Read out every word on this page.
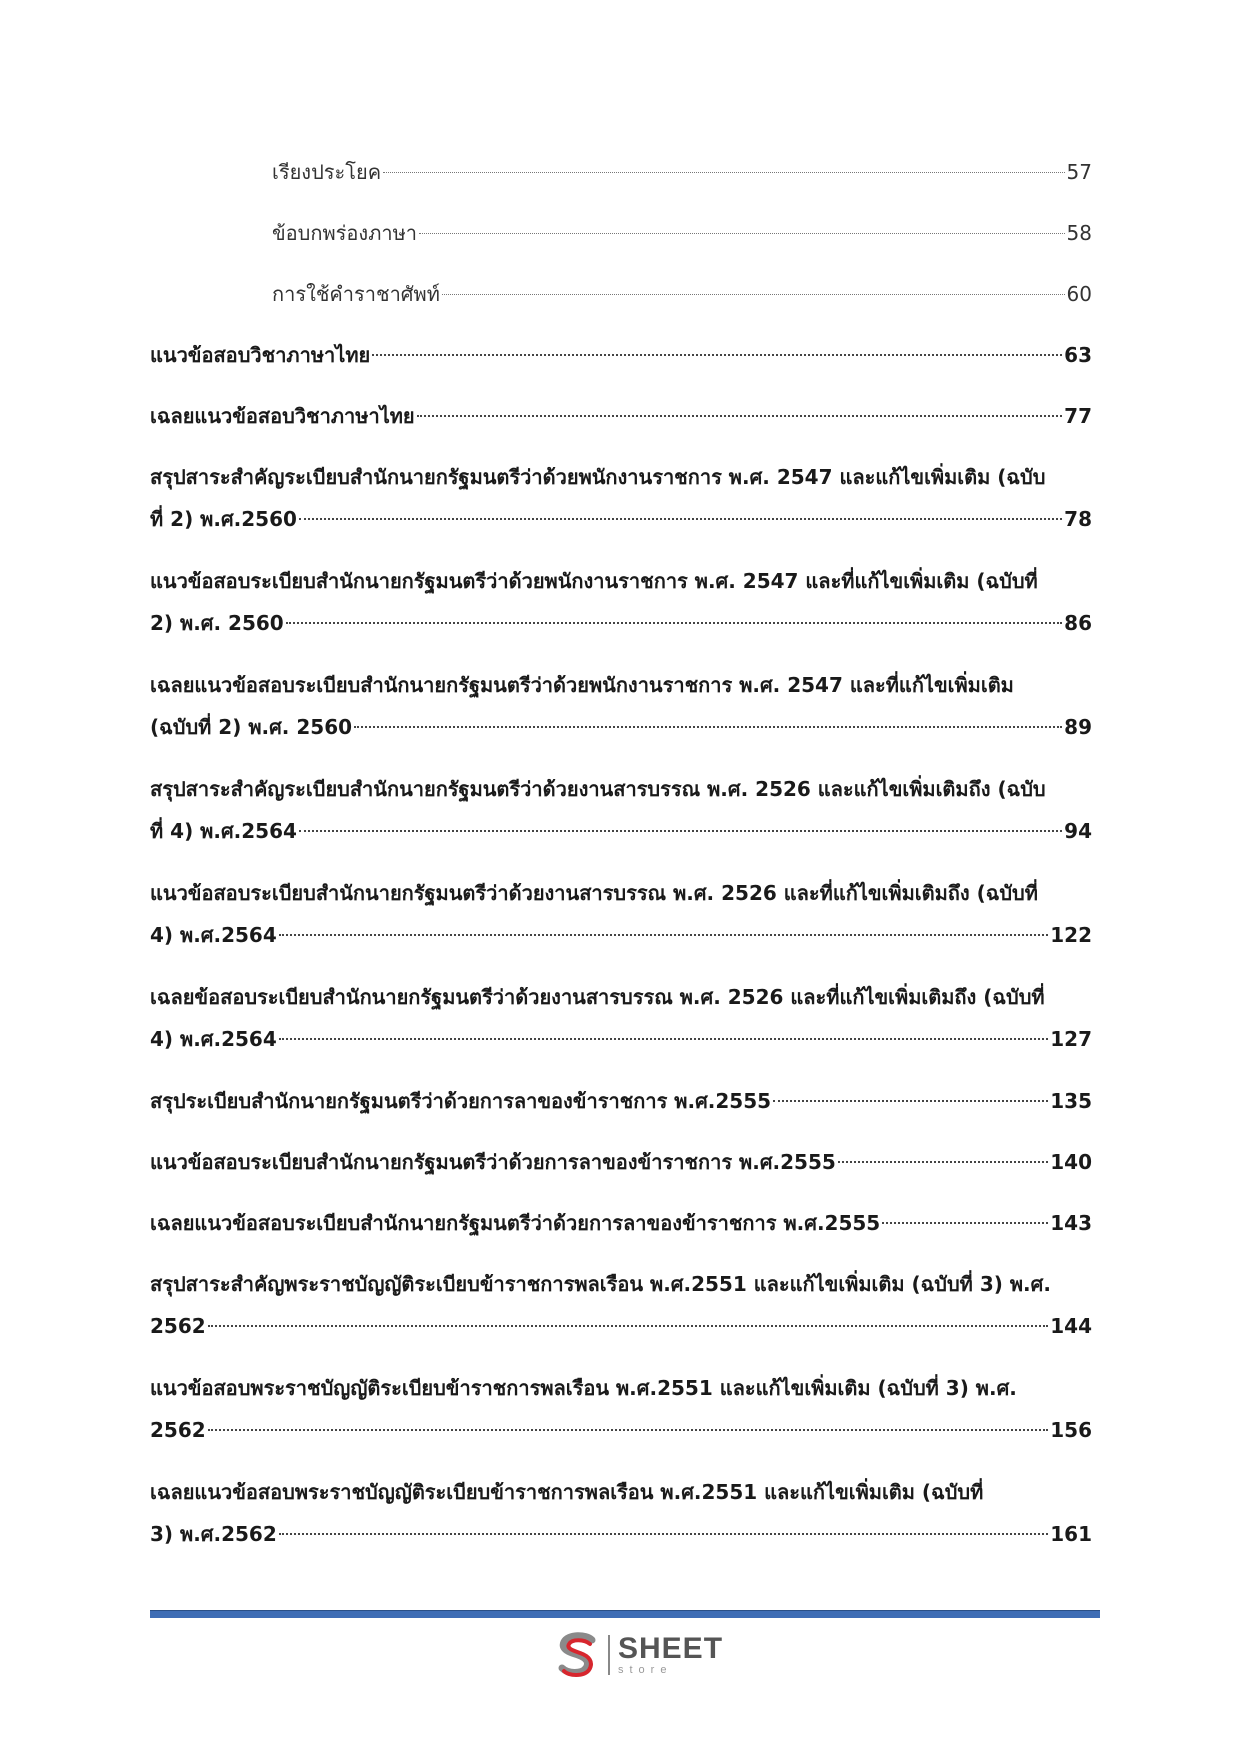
เรียงประโยค	57
ข้อบกพร่องภาษา	58
การใช้คำราชาศัพท์	60
แนวข้อสอบวิชาภาษาไทย	63
เฉลยแนวข้อสอบวิชาภาษาไทย	77
สรุปสาระสำคัญระเบียบสำนักนายกรัฐมนตรีว่าด้วยพนักงานราชการ พ.ศ. 2547 และแก้ไขเพิ่มเติม (ฉบับ
ที่ 2) พ.ศ.2560	78
แนวข้อสอบระเบียบสำนักนายกรัฐมนตรีว่าด้วยพนักงานราชการ พ.ศ. 2547 และที่แก้ไขเพิ่มเติม (ฉบับที่
2) พ.ศ. 2560	86
เฉลยแนวข้อสอบระเบียบสำนักนายกรัฐมนตรีว่าด้วยพนักงานราชการ พ.ศ. 2547 และที่แก้ไขเพิ่มเติม
(ฉบับที่ 2) พ.ศ. 2560	89
สรุปสาระสำคัญระเบียบสำนักนายกรัฐมนตรีว่าด้วยงานสารบรรณ พ.ศ. 2526 และแก้ไขเพิ่มเติมถึง (ฉบับ
ที่ 4) พ.ศ.2564	94
แนวข้อสอบระเบียบสำนักนายกรัฐมนตรีว่าด้วยงานสารบรรณ พ.ศ. 2526 และที่แก้ไขเพิ่มเติมถึง (ฉบับที่
4) พ.ศ.2564	122
เฉลยข้อสอบระเบียบสำนักนายกรัฐมนตรีว่าด้วยงานสารบรรณ พ.ศ. 2526 และที่แก้ไขเพิ่มเติมถึง (ฉบับที่
4) พ.ศ.2564	127
สรุประเบียบสำนักนายกรัฐมนตรีว่าด้วยการลาของข้าราชการ พ.ศ.2555	135
แนวข้อสอบระเบียบสำนักนายกรัฐมนตรีว่าด้วยการลาของข้าราชการ พ.ศ.2555	140
เฉลยแนวข้อสอบระเบียบสำนักนายกรัฐมนตรีว่าด้วยการลาของข้าราชการ พ.ศ.2555	143
สรุปสาระสำคัญพระราชบัญญัติระเบียบข้าราชการพลเรือน พ.ศ.2551 และแก้ไขเพิ่มเติม (ฉบับที่ 3) พ.ศ.
2562	144
แนวข้อสอบพระราชบัญญัติระเบียบข้าราชการพลเรือน พ.ศ.2551 และแก้ไขเพิ่มเติม (ฉบับที่ 3) พ.ศ.
2562	156
เฉลยแนวข้อสอบพระราชบัญญัติระเบียบข้าราชการพลเรือน พ.ศ.2551 และแก้ไขเพิ่มเติม (ฉบับที่
3) พ.ศ.2562	161
SHEET
store
